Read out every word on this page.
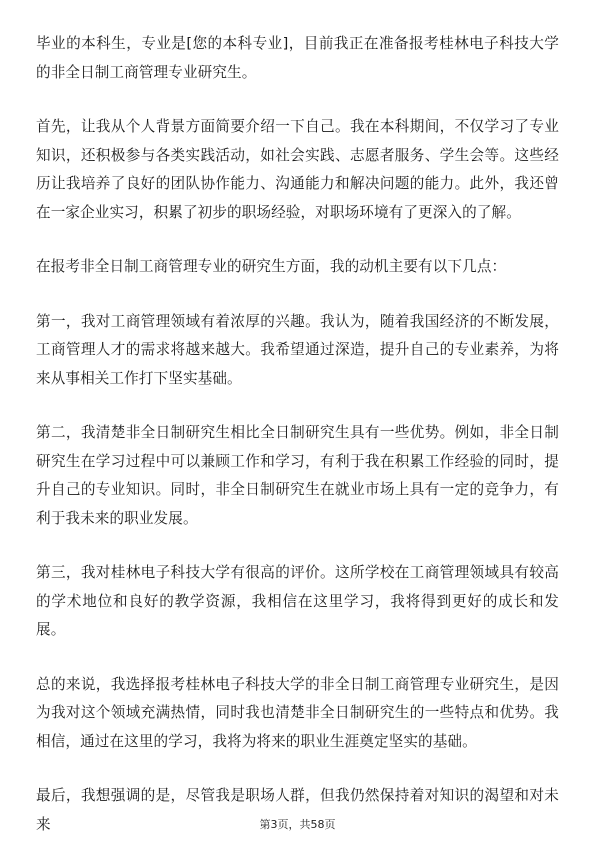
毕业的本科生，专业是[您的本科专业]，目前我正在准备报考桂林电子科技大学的非全日制工商管理专业研究生。

首先，让我从个人背景方面简要介绍一下自己。我在本科期间，不仅学习了专业知识，还积极参与各类实践活动，如社会实践、志愿者服务、学生会等。这些经历让我培养了良好的团队协作能力、沟通能力和解决问题的能力。此外，我还曾在一家企业实习，积累了初步的职场经验，对职场环境有了更深入的了解。

在报考非全日制工商管理专业的研究生方面，我的动机主要有以下几点：

第一，我对工商管理领域有着浓厚的兴趣。我认为，随着我国经济的不断发展，工商管理人才的需求将越来越大。我希望通过深造，提升自己的专业素养，为将来从事相关工作打下坚实基础。

第二，我清楚非全日制研究生相比全日制研究生具有一些优势。例如，非全日制研究生在学习过程中可以兼顾工作和学习，有利于我在积累工作经验的同时，提升自己的专业知识。同时，非全日制研究生在就业市场上具有一定的竞争力，有利于我未来的职业发展。

第三，我对桂林电子科技大学有很高的评价。这所学校在工商管理领域具有较高的学术地位和良好的教学资源，我相信在这里学习，我将得到更好的成长和发展。

总的来说，我选择报考桂林电子科技大学的非全日制工商管理专业研究生，是因为我对这个领域充满热情，同时我也清楚非全日制研究生的一些特点和优势。我相信，通过在这里的学习，我将为将来的职业生涯奠定坚实的基础。

最后，我想强调的是，尽管我是职场人群，但我仍然保持着对知识的渴望和对未来	第3页，共58页
